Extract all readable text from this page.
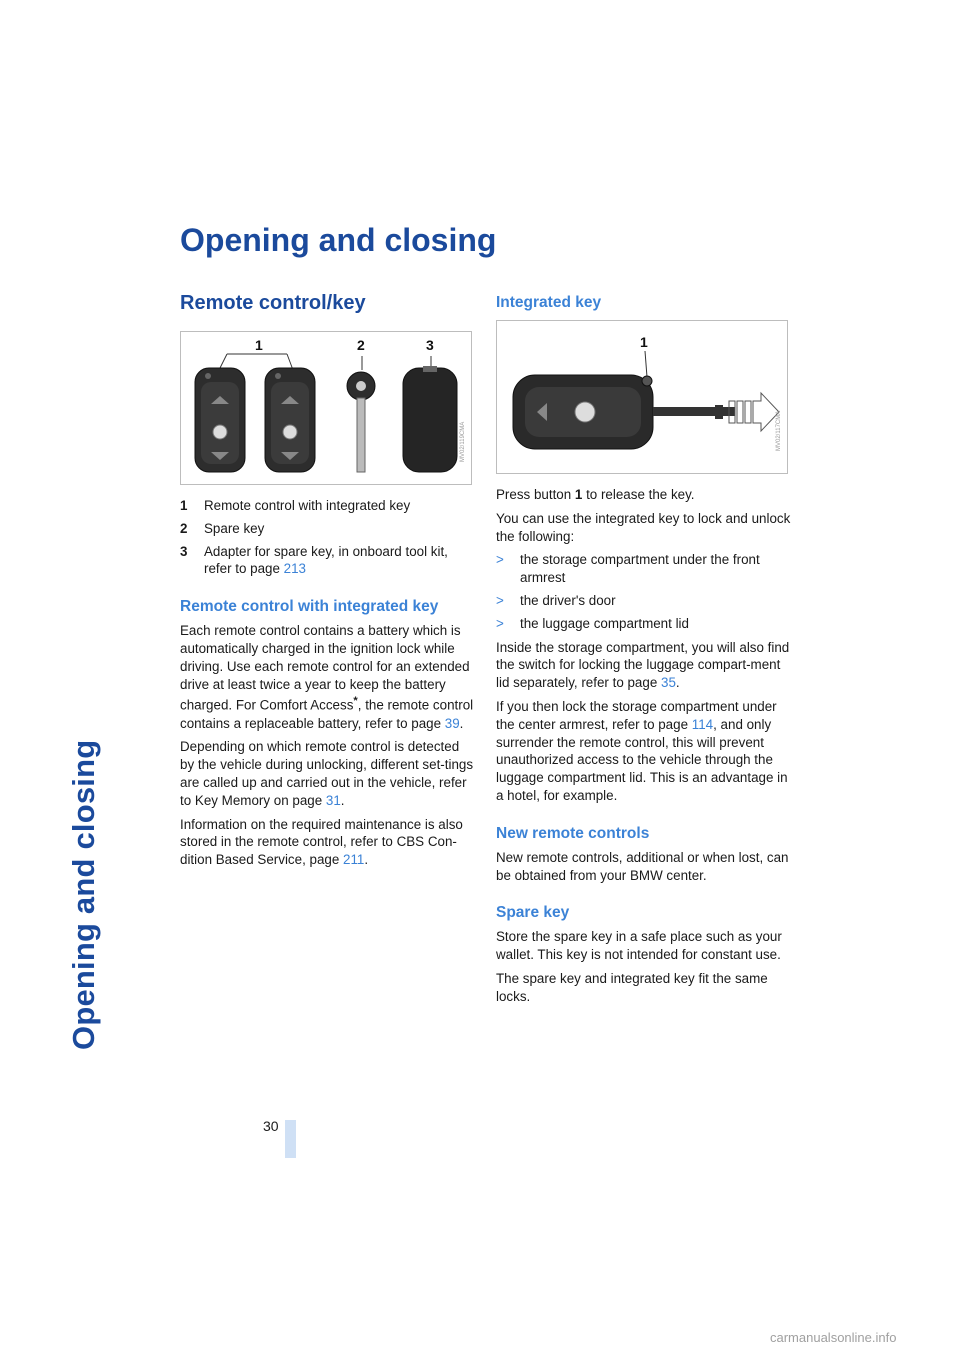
Opening and closing
Opening and closing
Remote control/key
1	2	3
MV02/119CMA
1	Remote control with integrated key
2	Spare key
3	Adapter for spare key, in onboard tool kit, refer to page 213
Remote control with integrated key

Each remote control contains a battery which is automatically charged in the ignition lock while driving. Use each remote control for an extended drive at least twice a year to keep the battery charged. For Comfort Access*, the remote control contains a replaceable battery, refer to page 39.

Depending on which remote control is detected by the vehicle during unlocking, different set-tings are called up and carried out in the vehicle, refer to Key Memory on page 31.

Information on the required maintenance is also stored in the remote control, refer to CBS Con-dition Based Service, page 211.

Integrated key
1
MV02/117CMA

Press button 1 to release the key.

You can use the integrated key to lock and unlock the following:

>	the storage compartment under the front armrest
>	the driver's door
>	the luggage compartment lid

Inside the storage compartment, you will also find the switch for locking the luggage compart-ment lid separately, refer to page 35.

If you then lock the storage compartment under the center armrest, refer to page 114, and only surrender the remote control, this will prevent unauthorized access to the vehicle through the luggage compartment lid. This is an advantage in a hotel, for example.

New remote controls

New remote controls, additional or when lost, can be obtained from your BMW center.

Spare key

Store the spare key in a safe place such as your wallet. This key is not intended for constant use.

The spare key and integrated key fit the same locks.

30
carmanualsonline.info
